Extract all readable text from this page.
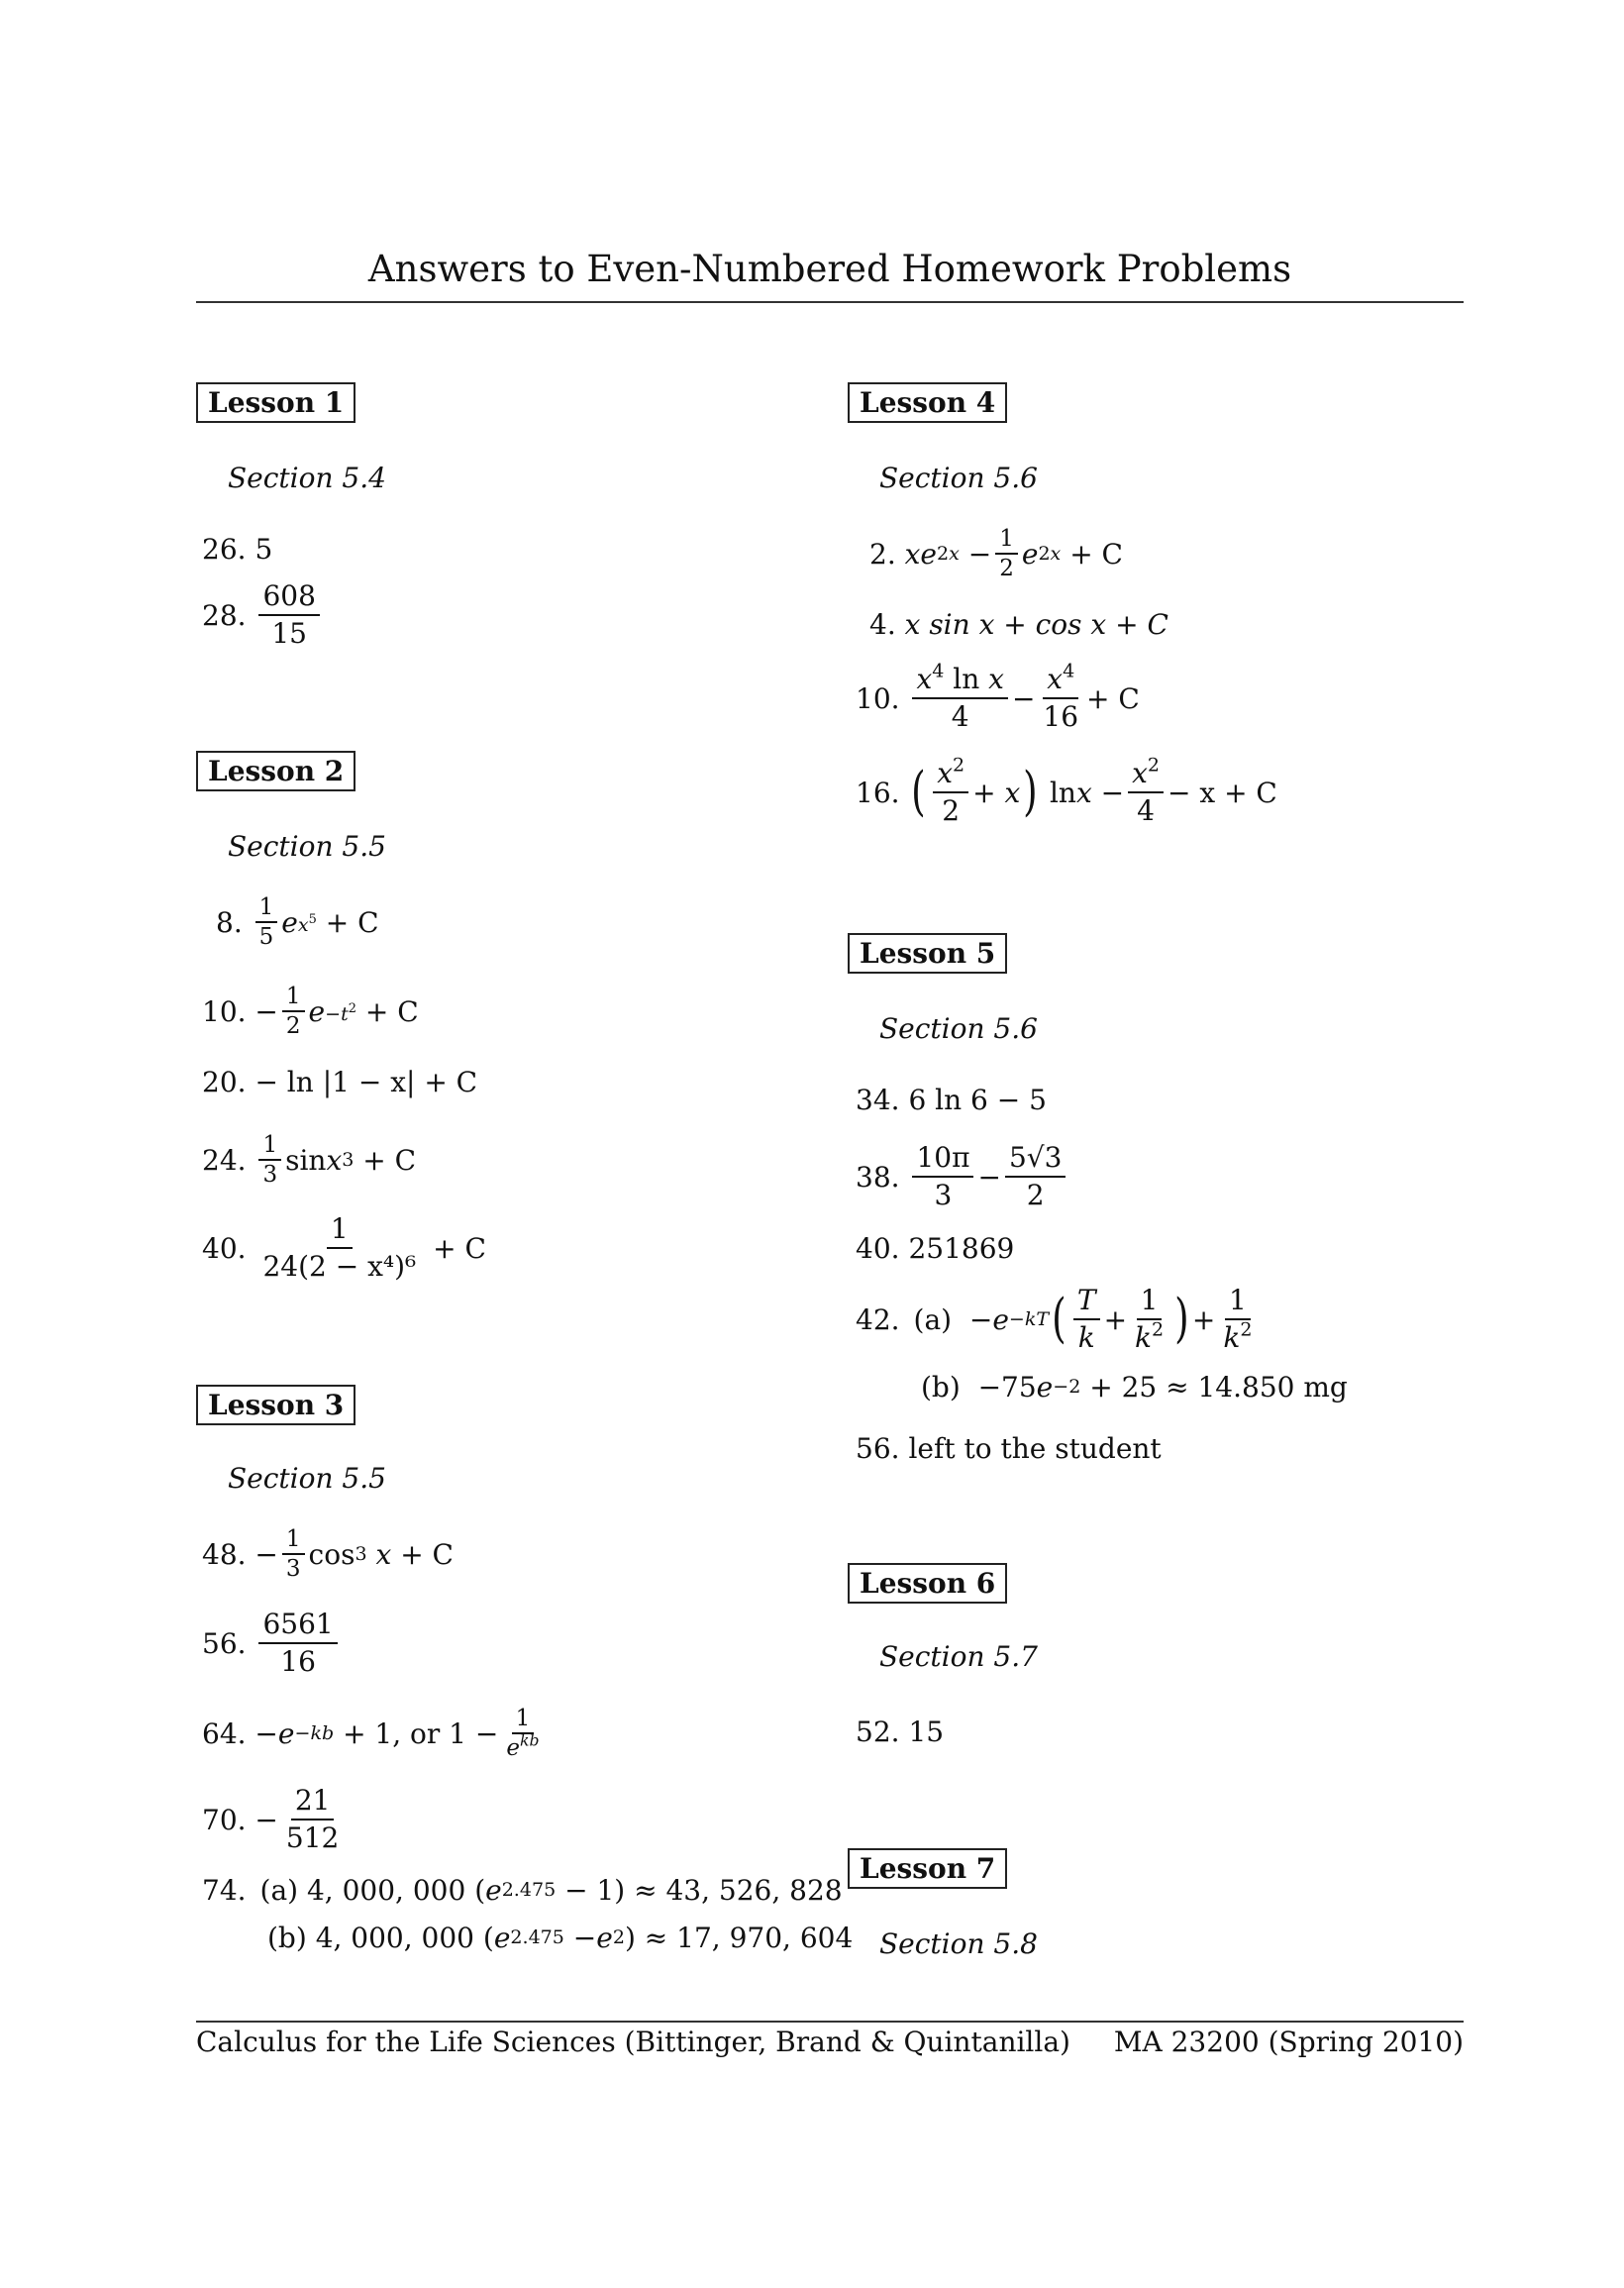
Answers to Even-Numbered Homework Problems
Lesson 1
Section 5.4
26.
5
28.
$\frac{608}{15}$
Lesson 2
Section 5.5
8.
$\frac{1}{5}$ e $x^5$
+ C
10. − $\frac{1}{2}$ $e -t^2$
+ C
20.
− ln |1 − x| + C
24.
$\frac{1}{3}$ sin x 3
+ C
40.
$\frac{1}{\text{24(2 − x⁴)⁶}}$
+ C
Lesson 3
Section 5.5
48. − $\frac{1}{3}$ cos 3
x
+ C
56.
$\frac{6561}{16}$
64. − e −kb
+ 1, or $1 - \frac{1}{e^{kb}}$
70. − $\frac{21}{512}$
74. (a)
4, 000, 000 ( e 2.475 − 1) ≈ 43, 526, 828
(b)
4, 000, 000 ( e 2.475 − e 2 ) ≈ 17, 970, 604
Lesson 4
Section 5.6
2.
xe $2x - \frac{1}{2}$ e 2x
+ C
4.
x sin x + cos x + C
10.
$\frac{x^4 \ln x}{4} - \frac{x^4}{16} + C$
16.
( $\frac{x^2}{2} + x$ ) $\ln x - \frac{x^2}{4} - x + C$
Lesson 5
Section 5.6
34.
6 ln 6 − 5
38.
$\frac{10\pi}{3} - \frac{5√3}{2}$
40.
251869
42. (a) − e −kT ( $\frac{T}{k} + \frac{1}{k^2}$ ) + $\frac{1}{k^2}$
(b) −75 e −2
+ 25 ≈ 14.850 mg
56.
left to the student
Lesson 6
Section 5.7
52.
15
Lesson 7
Section 5.8
Calculus for the Life Sciences (Bittinger, Brand & Quintanilla) MA 23200 (Spring 2010)
